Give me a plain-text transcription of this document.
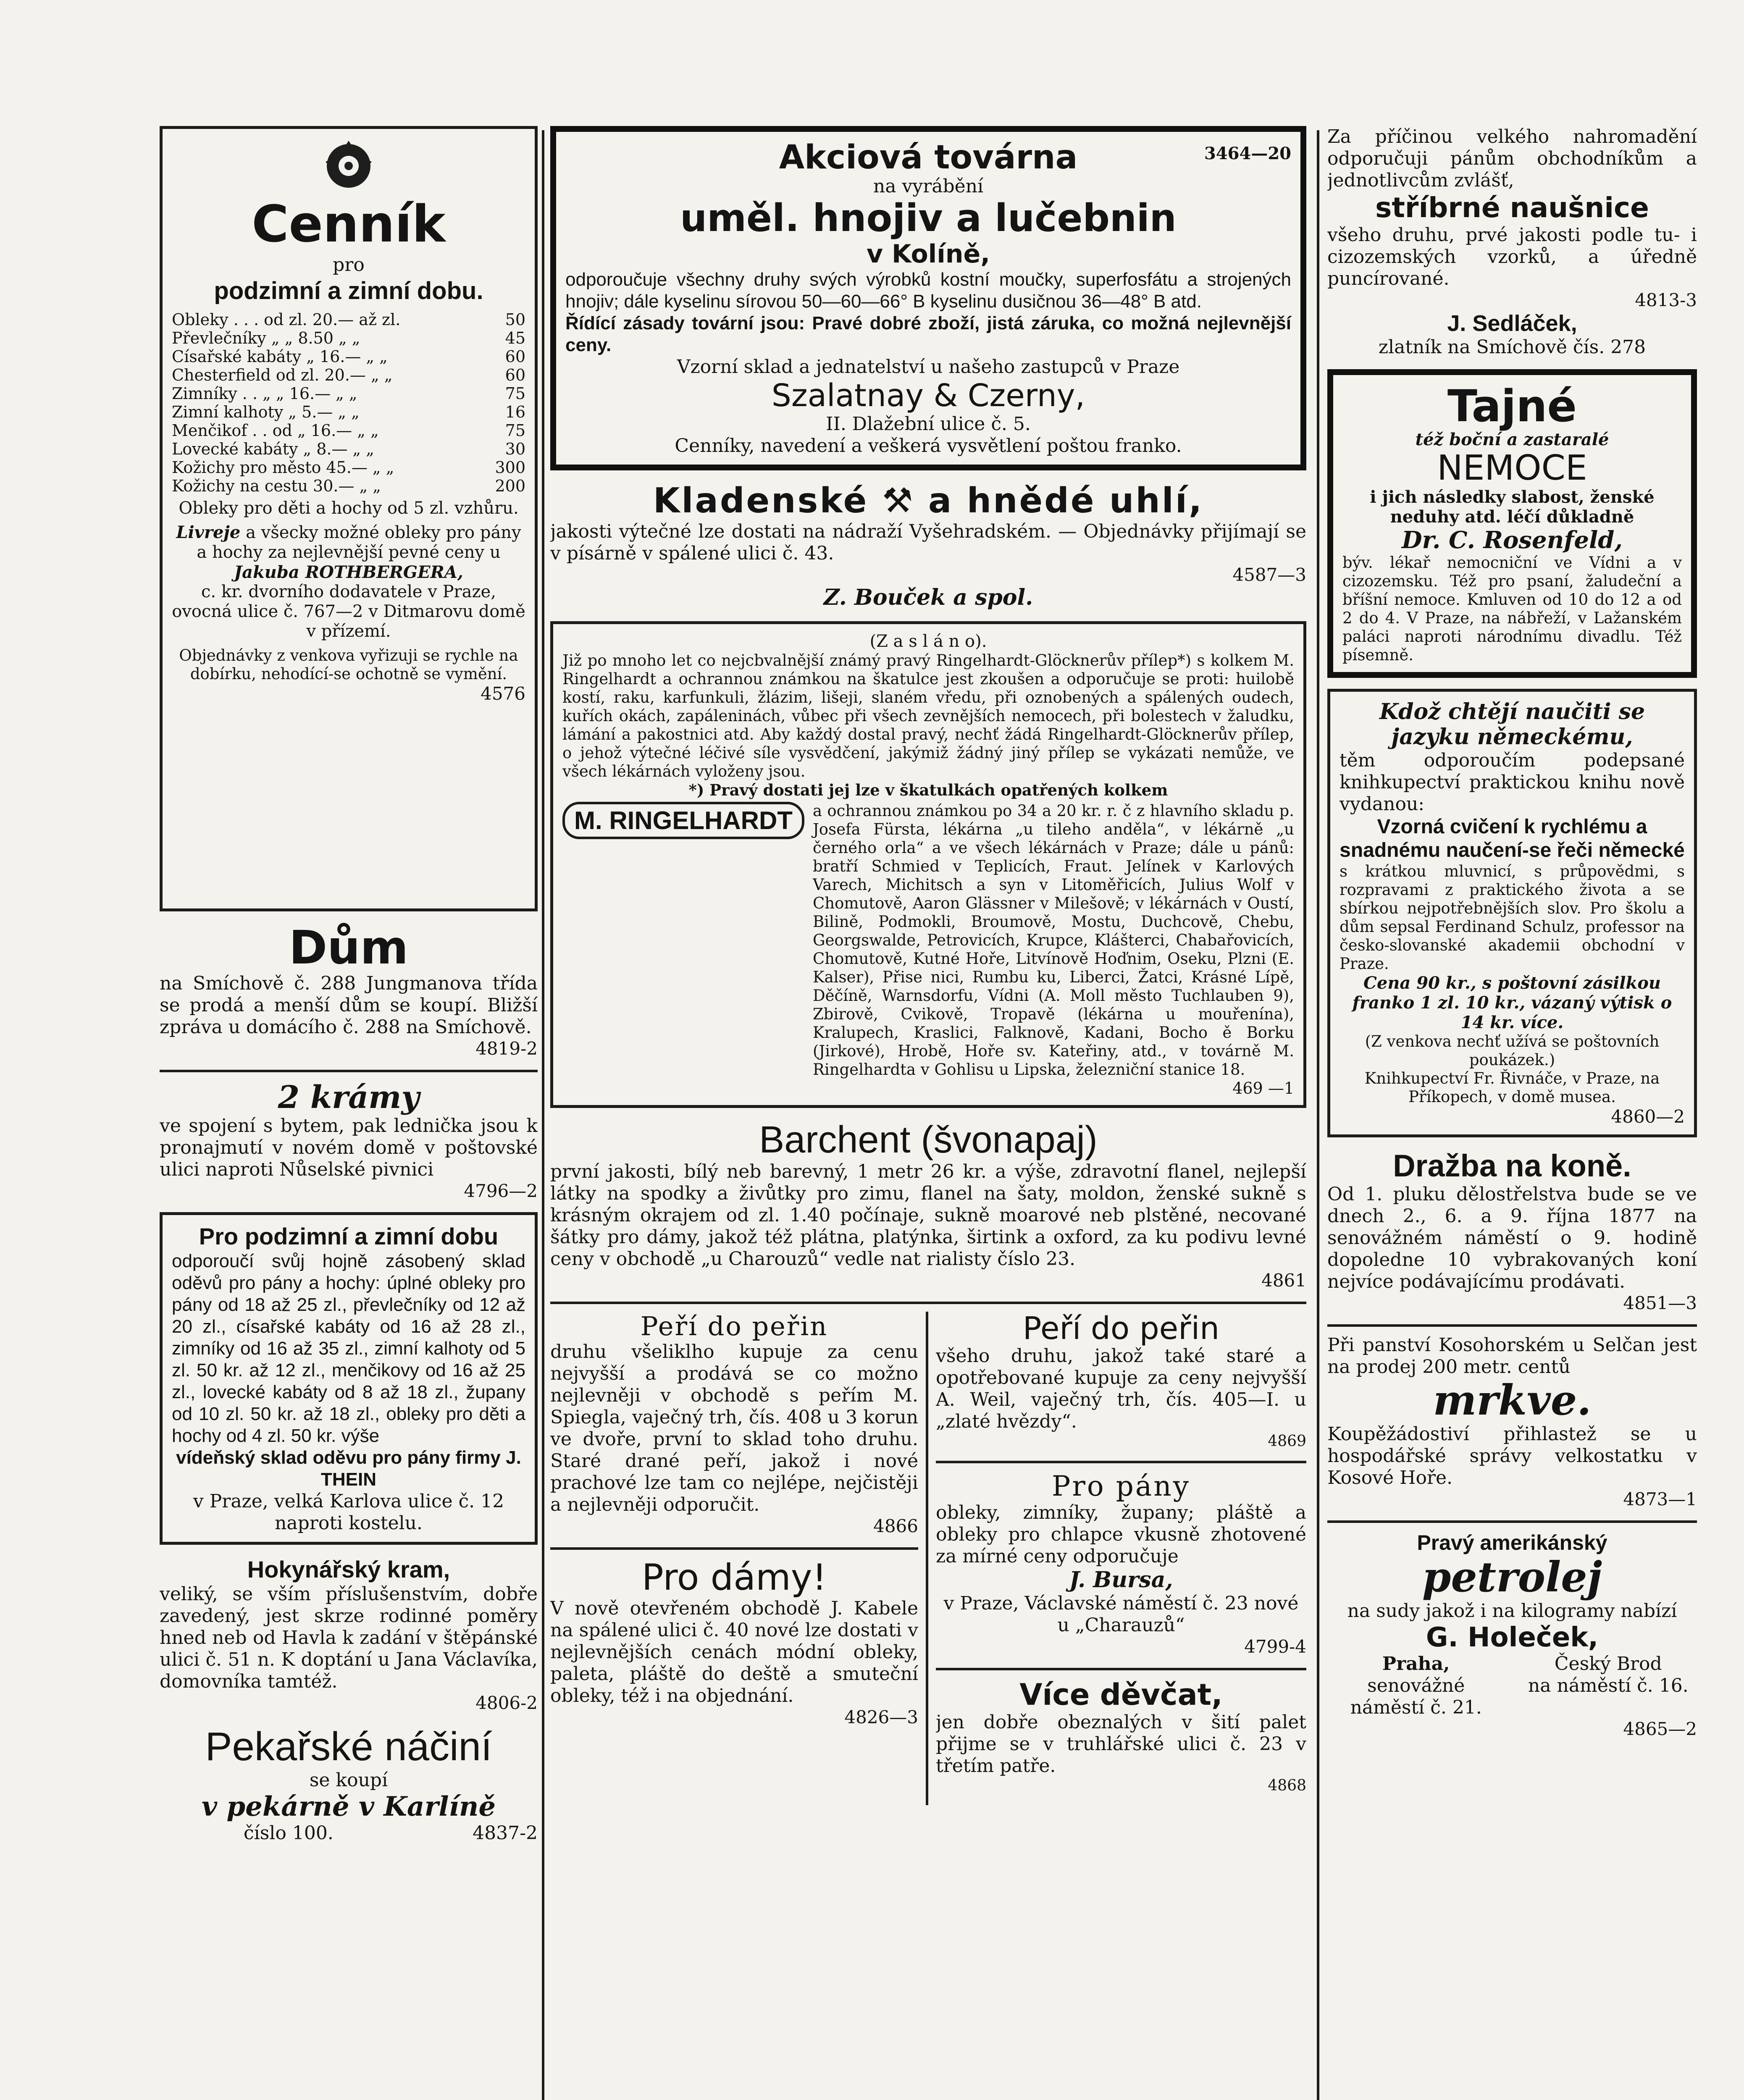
Cenník

pro

podzimní a zimní dobu.

Obleky . . . od zl. 20.— až zl.	50
Převlečníky „ „ 8.50 „ „	45
Císařské kabáty „ 16.— „ „	60
Chesterfield od zl. 20.— „ „	60
Zimníky . . „ „ 16.— „ „	75
Zimní kalhoty „ 5.— „ „	16
Menčikof . . od „ 16.— „ „	75
Lovecké kabáty „ 8.— „ „	30
Kožichy pro město 45.— „ „	300
Kožichy na cestu 30.— „ „	200

Obleky pro děti a hochy od 5 zl. vzhůru.

Livreje a všecky možné obleky pro pány a hochy za nejlevnější pevné ceny u

Jakuba ROTHBERGERA,

c. kr. dvorního dodavatele v Praze, ovocná ulice č. 767—2 v Ditmarovu domě v přízemí.

Objednávky z venkova vyřizuji se rychle na dobírku, nehodící-se ochotně se vymění.

4576

Dům

na Smíchově č. 288 Jungmanova třída se prodá a menší dům se koupí. Bližší zpráva u domácího č. 288 na Smíchově.

4819-2

2 krámy

ve spojení s bytem, pak lednička jsou k pronajmutí v novém domě v poštovské ulici naproti Nůselské pivnici

4796—2

Pro podzimní a zimní dobu

odporoučí svůj hojně zásobený sklad oděvů pro pány a hochy: úplné obleky pro pány od 18 až 25 zl., převlečníky od 12 až 20 zl., císařské kabáty od 16 až 28 zl., zimníky od 16 až 35 zl., zimní kalhoty od 5 zl. 50 kr. až 12 zl., menčikovy od 16 až 25 zl., lovecké kabáty od 8 až 18 zl., župany od 10 zl. 50 kr. až 18 zl., obleky pro děti a hochy od 4 zl. 50 kr. výše

vídeňský sklad oděvu pro pány firmy J. THEIN

v Praze, velká Karlova ulice č. 12 naproti kostelu.

Hokynářský kram,

veliký, se vším příslušenstvím, dobře zavedený, jest skrze rodinné poměry hned neb od Havla k zadání v štěpánské ulici č. 51 n. K doptání u Jana Václavíka, domovníka tamtéž.

4806-2

Pekařské náčiní

se koupí

v pekárně v Karlíně

číslo 100.	4837-2

Akciová továrna	3464—20

na vyrábění

uměl. hnojiv a lučebnin

v Kolíně,

odporoučuje všechny druhy svých výrobků kostní moučky, superfosfátu a strojených hnojiv; dále kyselinu sírovou 50—60—66° B kyselinu dusičnou 36—48° B atd.

Řídící zásady tovární jsou: Pravé dobré zboží, jistá záruka, co možná nejlevnější ceny.

Vzorní sklad a jednatelství u našeho zastupců v Praze

Szalatnay & Czerny,

II. Dlažební ulice č. 5.

Cenníky, navedení a veškerá vysvětlení poštou franko.

Kladenské ⚒ a hnědé uhlí,

jakosti výtečné lze dostati na nádraží Vyšehradském. — Objednávky přijímají se v písárně v spálené ulici č. 43.

4587—3

Z. Bouček a spol.

(Z a s l á n o).

Již po mnoho let co nejcbvalnější známý pravý Ringelhardt-Glöcknerův přílep*) s kolkem M. Ringelhardt a ochrannou známkou na škatulce jest zkoušen a odporučuje se proti: huilobě kostí, raku, karfunkuli, žlázim, lišeji, slaném vředu, při oznobených a spálených oudech, kuřích okách, zapáleninách, vůbec při všech zevnějších nemocech, při bolestech v žaludku, lámání a pakostnici atd. Aby každý dostal pravý, nechť žádá Ringelhardt-Glöcknerův přílep, o jehož výtečné léčivé síle vysvědčení, jakýmiž žádný jiný přílep se vykázati nemůže, ve všech lékárnách vyloženy jsou.

*) Pravý dostati jej lze v škatulkách opatřených kolkem

M. RINGELHARDT	a ochrannou známkou po 34 a 20 kr. r. č z hlavního skladu p. Josefa Fürsta, lékárna „u tileho anděla“, v lékárně „u černého orla“ a ve všech lékárnách v Praze; dále u pánů: bratří Schmied v Teplicích, Fraut. Jelínek v Karlových Varech, Michitsch a syn v Litoměřicích, Julius Wolf v Chomutově, Aaron Glässner v Milešově; v lékárnách v Oustí, Bilině, Podmokli, Broumově, Mostu, Duchcově, Chebu, Georgswalde, Petrovicích, Krupce, Klášterci, Chabařovicích, Chomutově, Kutné Hoře, Litvínově Hoďnim, Oseku, Plzni (E. Kalser), Přise nici, Rumbu ku, Liberci, Žatci, Krásné Lípě, Děčíně, Warnsdorfu, Vídni (A. Moll město Tuchlauben 9), Zbirově, Cvikově, Tropavě (lékárna u mouřenína), Kralupech, Kraslici, Falknově, Kadani, Bocho ě Borku (Jirkové), Hrobě, Hoře sv. Kateřiny, atd., v továrně M. Ringelhardta v Gohlisu u Lipska, železniční stanice 18.

469 —1

Barchent (švonapaj)

první jakosti, bílý neb barevný, 1 metr 26 kr. a výše, zdravotní flanel, nejlepší látky na spodky a živůtky pro zimu, flanel na šaty, moldon, ženské sukně s krásným okrajem od zl. 1.40 počínaje, sukně moarové neb plstěné, necované šátky pro dámy, jakož též plátna, platýnka, širtink a oxford, za ku podivu levné ceny v obchodě „u Charouzů“ vedle nat rialisty číslo 23.

4861

Peří do peřin

druhu všeliklho kupuje za cenu nejvyšší a prodává se co možno nejlevněji v obchodě s peřím M. Spiegla, vaječný trh, čís. 408 u 3 korun ve dvoře, první to sklad toho druhu. Staré drané peří, jakož i nové prachové lze tam co nejlépe, nejčistěji a nejlevněji odporučit.

4866

Pro dámy!

V nově otevřeném obchodě J. Kabele na spálené ulici č. 40 nové lze dostati v nejlevnějších cenách módní obleky, paleta, pláště do deště a smuteční obleky, též i na objednání.

4826—3

Peří do peřin

všeho druhu, jakož také staré a opotřebované kupuje za ceny nejvyšší A. Weil, vaječný trh, čís. 405—I. u „zlaté hvězdy“.

4869

Pro pány

obleky, zimníky, župany; pláště a obleky pro chlapce vkusně zhotovené za mírné ceny odporučuje

J. Bursa,

v Praze, Václavské náměstí č. 23 nové u „Charauzů“

4799-4

Více děvčat,

jen dobře obeznalých v šití palet přijme se v truhlářské ulici č. 23 v třetím patře.

4868

Za příčinou velkého nahromadění odporučuji pánům obchodníkům a jednotlivcům zvlášť,

stříbrné naušnice

všeho druhu, prvé jakosti podle tu- i cizozemských vzorků, a úředně puncírované.

4813-3

J. Sedláček,

zlatník na Smíchově čís. 278

Tajné

též boční a zastaralé

NEMOCE

i jich následky slabost, ženské neduhy atd. léčí důkladně

Dr. C. Rosenfeld,

býv. lékař nemocniční ve Vídni a v cizozemsku. Též pro psaní, žaludeční a bříšní nemoce. Kmluven od 10 do 12 a od 2 do 4. V Praze, na nábřeží, v Lažanském paláci naproti národnímu divadlu. Též písemně.

Kdož chtějí naučiti se jazyku německému,

těm odporoučím podepsané knihkupectví praktickou knihu nově vydanou:

Vzorná cvičení k rychlému a snadnému naučení-se řeči německé

s krátkou mluvnicí, s průpovědmi, s rozpravami z praktického života a se sbírkou nejpotřebnějších slov. Pro školu a dům sepsal Ferdinand Schulz, professor na česko-slovanské akademii obchodní v Praze.

Cena 90 kr., s poštovní zásilkou franko 1 zl. 10 kr., vázaný výtisk o 14 kr. více.

(Z venkova nechť užívá se poštovních poukázek.)

Knihkupectví Fr. Řivnáče, v Praze, na Příkopech, v domě musea.

4860—2

Dražba na koně.

Od 1. pluku dělostřelstva bude se ve dnech 2., 6. a 9. října 1877 na senovážném náměstí o 9. hodině dopoledne 10 vybrakovaných koní nejvíce podávajícímu prodávati.

4851—3

Při panství Kosohorském u Selčan jest na prodej 200 metr. centů

mrkve.

Koupěžádostiví přihlastež se u hospodářské správy velkostatku v Kosové Hoře.

4873—1

Pravý amerikánský

petrolej

na sudy jakož i na kilogramy nabízí

G. Holeček,

Praha,

senovážné náměstí č. 21.

Český Brod

na náměstí č. 16.

4865—2
